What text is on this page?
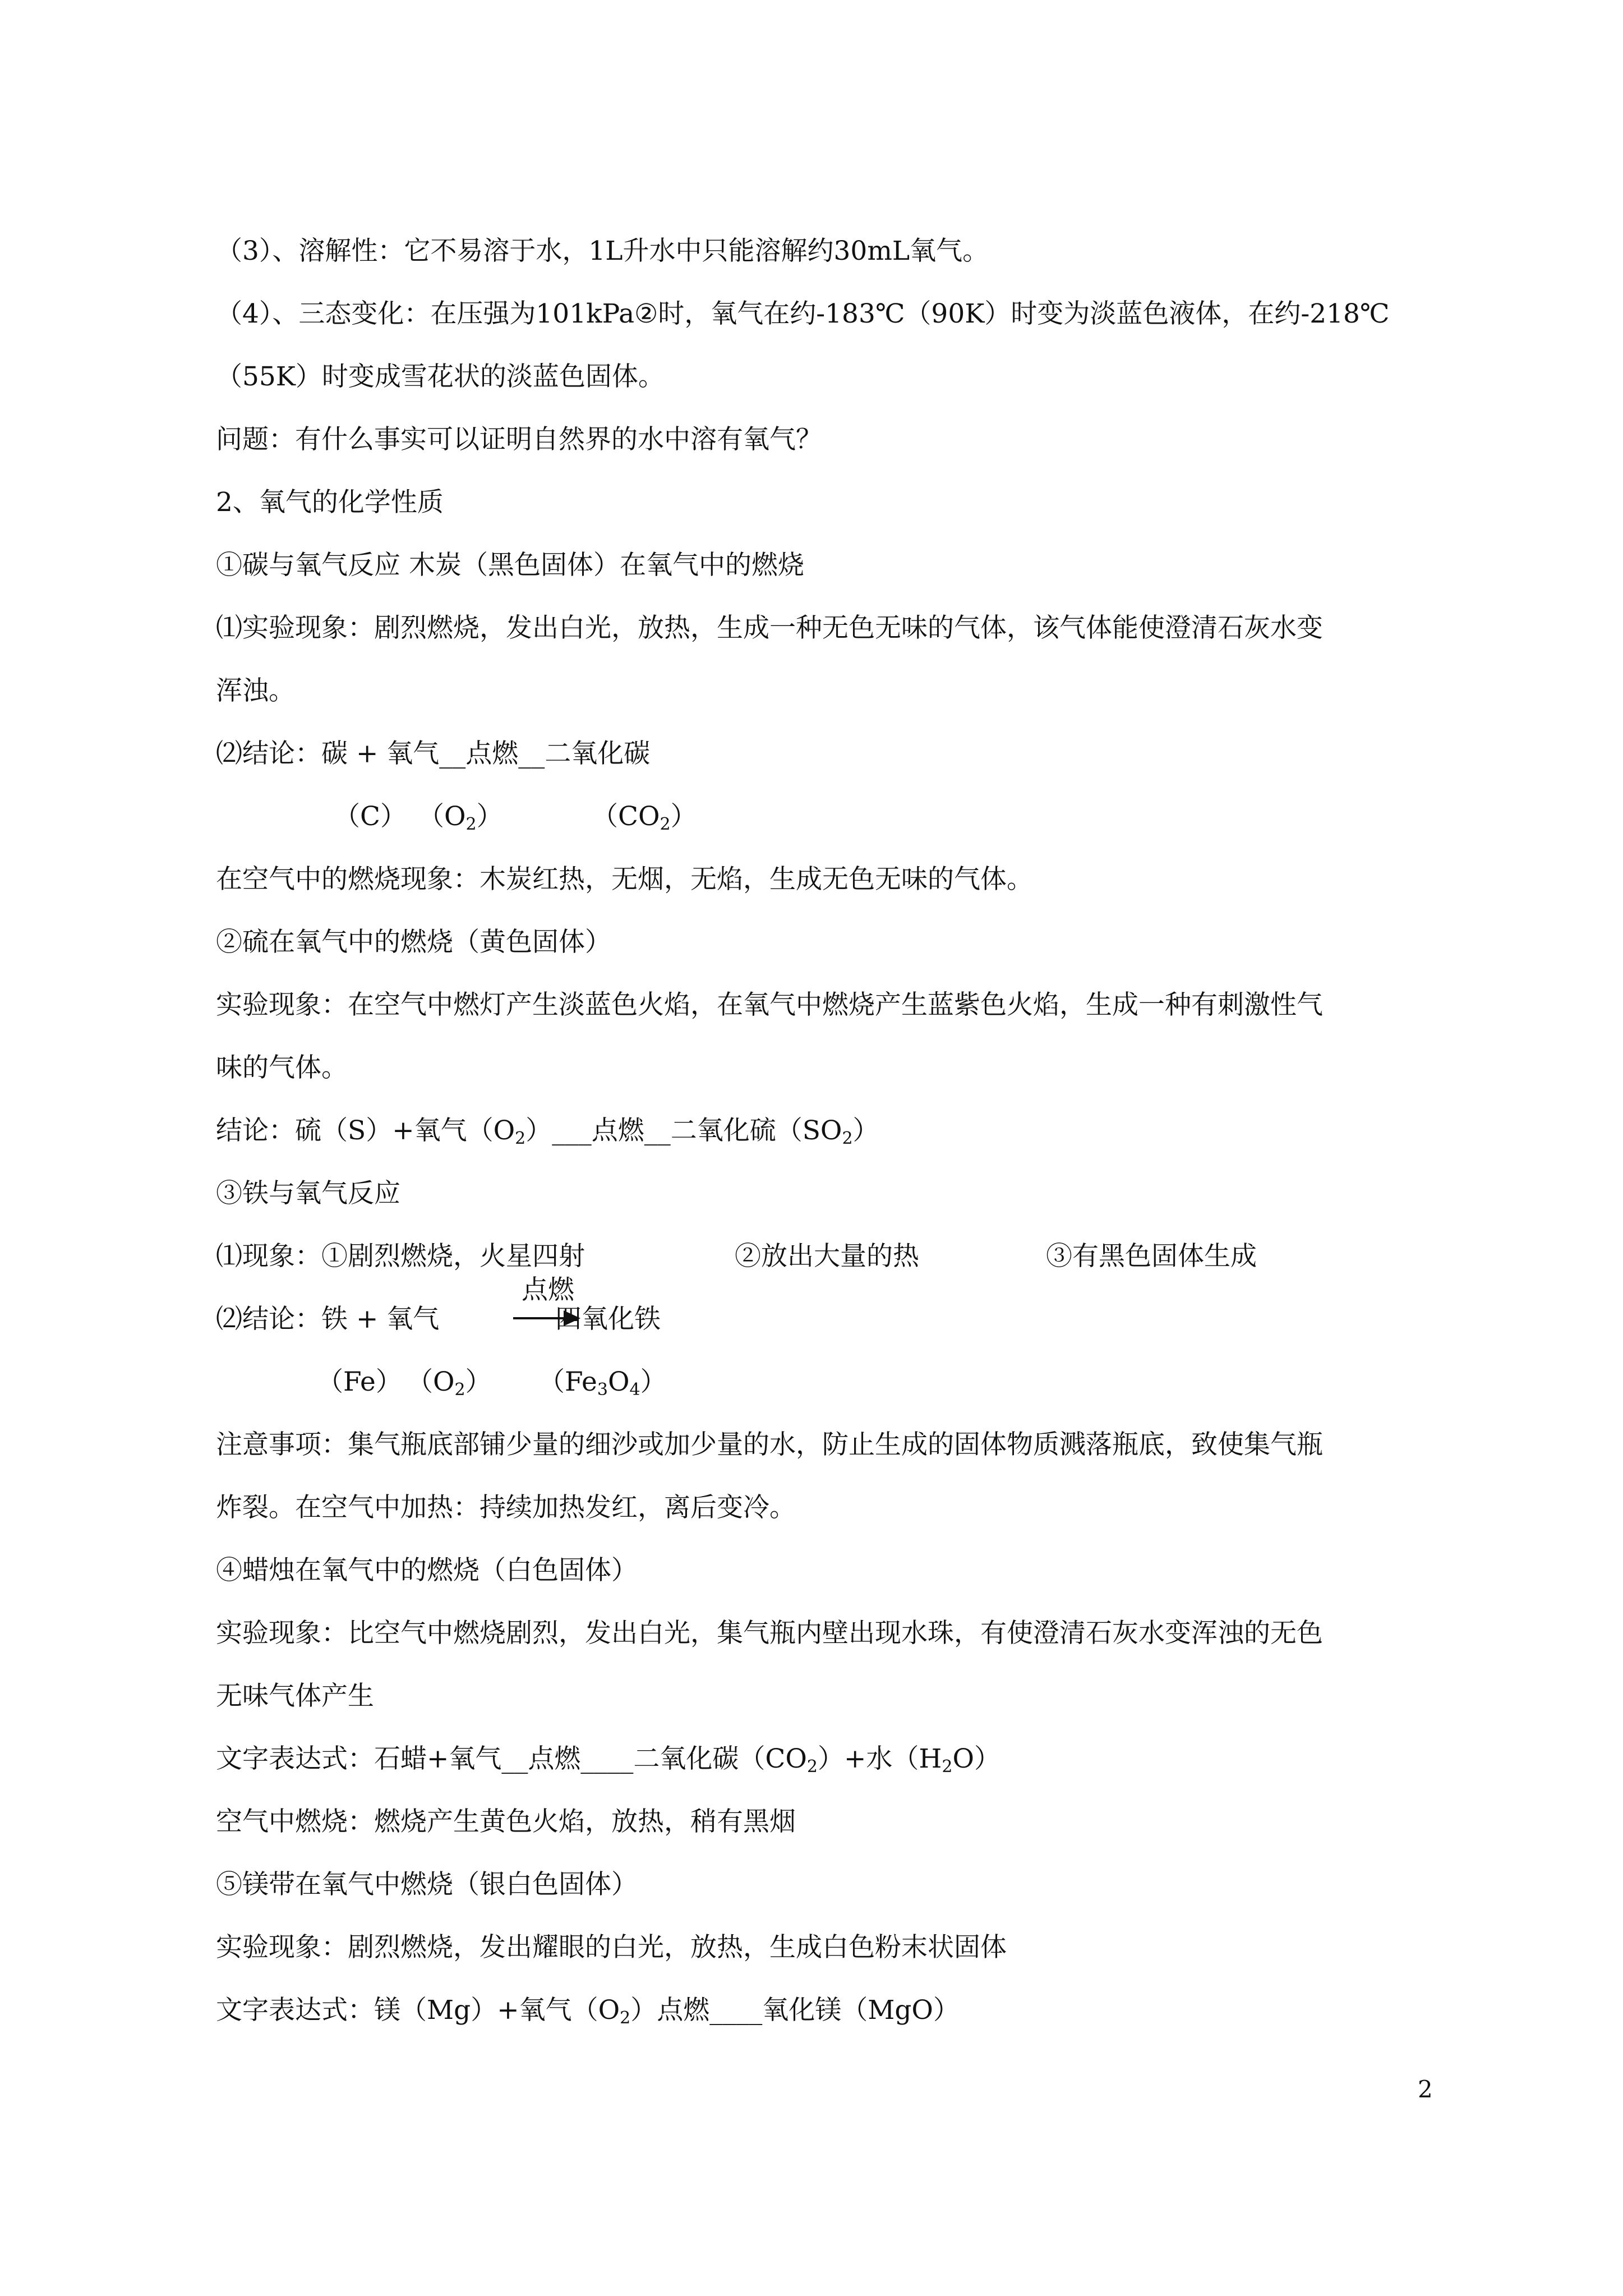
（3）、溶解性：它不易溶于水，1L升水中只能溶解约30mL氧气。
（4）、三态变化：在压强为101kPa②时，氧气在约-183℃（90K）时变为淡蓝色液体，在约-218℃
（55K）时变成雪花状的淡蓝色固体。
问题：有什么事实可以证明自然界的水中溶有氧气？
2、氧气的化学性质
①碳与氧气反应 木炭（黑色固体）在氧气中的燃烧
⑴实验现象：剧烈燃烧，发出白光，放热，生成一种无色无味的气体，该气体能使澄清石灰水变
浑浊。
⑵结论：碳 + 氧气__点燃__二氧化碳
（C） $(O_2)$	$(CO_2)$
在空气中的燃烧现象：木炭红热，无烟，无焰，生成无色无味的气体。
②硫在氧气中的燃烧（黄色固体）
实验现象：在空气中燃灯产生淡蓝色火焰，在氧气中燃烧产生蓝紫色火焰，生成一种有刺激性气
味的气体。
结论：硫（S）+氧气$(O_2)\_\_\_$点燃__二氧化硫$(SO_2)$
③铁与氧气反应
⑴现象：①剧烈燃烧，火星四射	②放出大量的热	③有黑色固体生成
⑵结论：铁 + 氧气
点燃
四氧化铁
（Fe） $(O_2)$ $(Fe_3O_4)$
注意事项：集气瓶底部铺少量的细沙或加少量的水，防止生成的固体物质溅落瓶底，致使集气瓶
炸裂。在空气中加热：持续加热发红，离后变冷。
④蜡烛在氧气中的燃烧（白色固体）
实验现象：比空气中燃烧剧烈，发出白光，集气瓶内壁出现水珠，有使澄清石灰水变浑浊的无色
无味气体产生
文字表达式：石蜡+氧气__点燃____二氧化碳$(CO_2)+$水$(H_2O)$
空气中燃烧：燃烧产生黄色火焰，放热，稍有黑烟
⑤镁带在氧气中燃烧（银白色固体）
实验现象：剧烈燃烧，发出耀眼的白光，放热，生成白色粉末状固体
文字表达式：镁（Mg）+氧气$(O_2)$点燃____氧化镁（MgO）
2
